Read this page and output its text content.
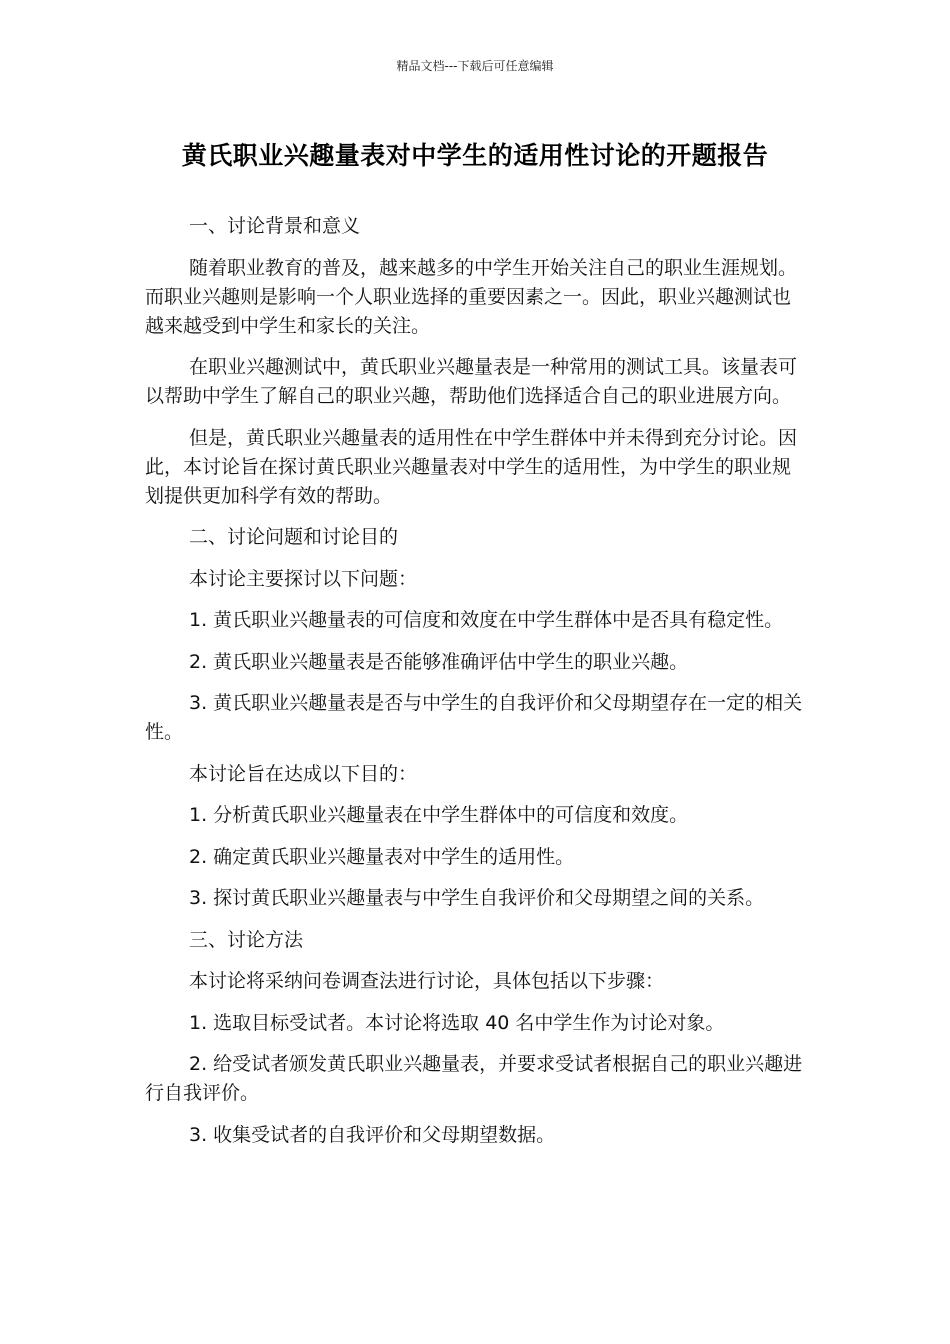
精品文档---下载后可任意编辑
黄氏职业兴趣量表对中学生的适用性讨论的开题报告

一、讨论背景和意义

随着职业教育的普及，越来越多的中学生开始关注自己的职业生涯规划。而职业兴趣则是影响一个人职业选择的重要因素之一。因此，职业兴趣测试也越来越受到中学生和家长的关注。

在职业兴趣测试中，黄氏职业兴趣量表是一种常用的测试工具。该量表可以帮助中学生了解自己的职业兴趣，帮助他们选择适合自己的职业进展方向。

但是，黄氏职业兴趣量表的适用性在中学生群体中并未得到充分讨论。因此，本讨论旨在探讨黄氏职业兴趣量表对中学生的适用性，为中学生的职业规划提供更加科学有效的帮助。

二、讨论问题和讨论目的

本讨论主要探讨以下问题：

1. 黄氏职业兴趣量表的可信度和效度在中学生群体中是否具有稳定性。

2. 黄氏职业兴趣量表是否能够准确评估中学生的职业兴趣。

3. 黄氏职业兴趣量表是否与中学生的自我评价和父母期望存在一定的相关性。

本讨论旨在达成以下目的：

1. 分析黄氏职业兴趣量表在中学生群体中的可信度和效度。

2. 确定黄氏职业兴趣量表对中学生的适用性。

3. 探讨黄氏职业兴趣量表与中学生自我评价和父母期望之间的关系。

三、讨论方法

本讨论将采纳问卷调查法进行讨论，具体包括以下步骤：

1. 选取目标受试者。本讨论将选取 40 名中学生作为讨论对象。

2. 给受试者颁发黄氏职业兴趣量表，并要求受试者根据自己的职业兴趣进行自我评价。

3. 收集受试者的自我评价和父母期望数据。
